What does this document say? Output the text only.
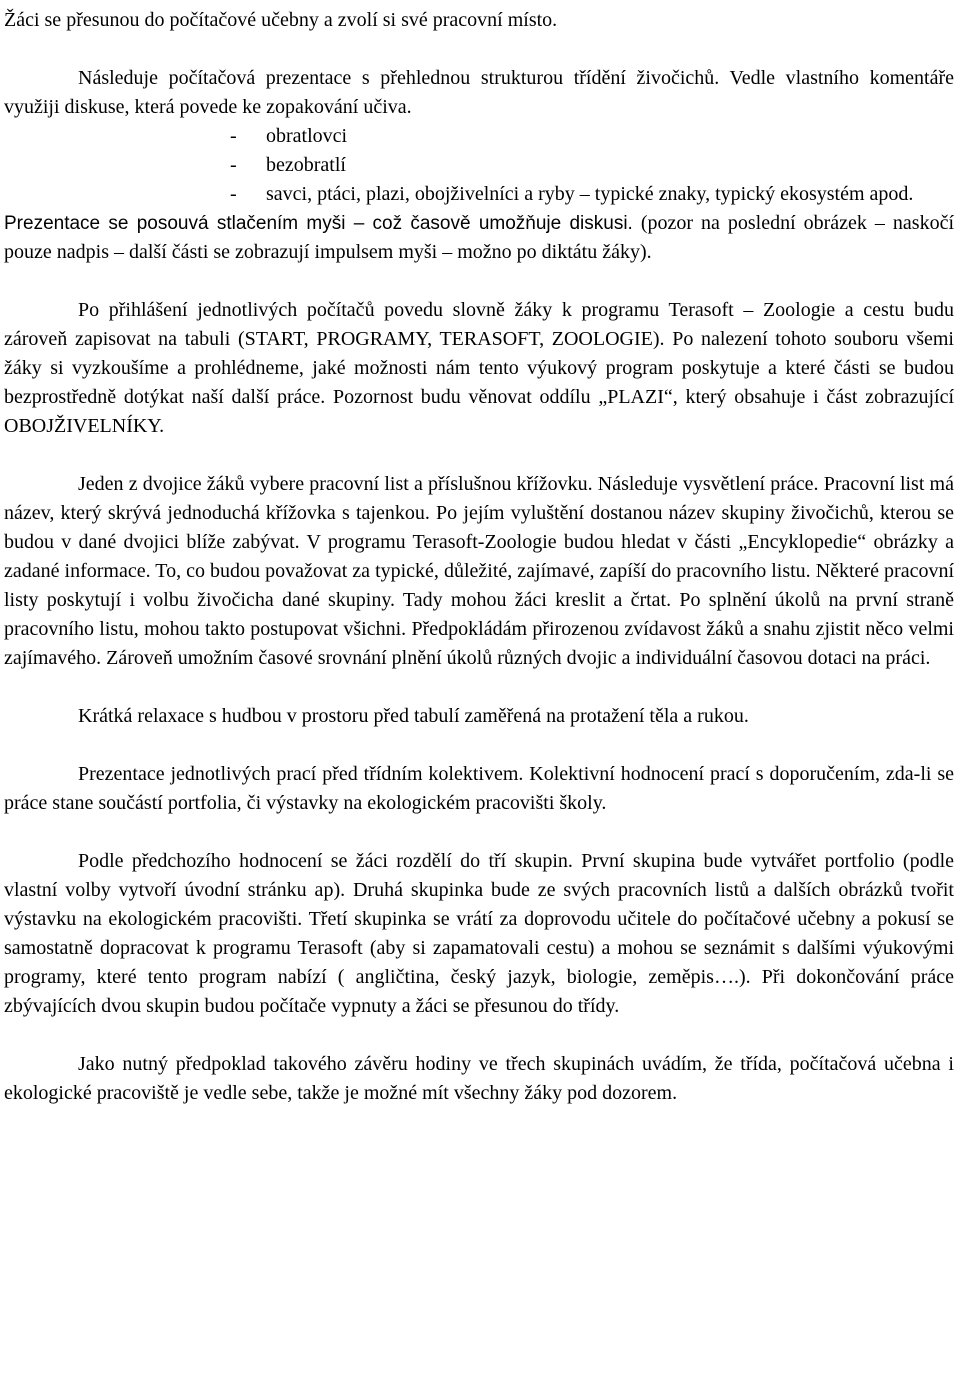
Žáci se přesunou do počítačové učebny a zvolí si své pracovní místo.

Následuje počítačová prezentace s přehlednou strukturou třídění živočichů. Vedle vlastního komentáře využiji diskuse, která povede ke zopakování učiva.

- obratlovci
- bezobratlí
- savci, ptáci, plazi, obojživelníci a ryby – typické znaky, typický ekosystém apod.

Prezentace se posouvá stlačením myši – což časově umožňuje diskusi. (pozor na poslední obrázek – naskočí pouze nadpis – další části se zobrazují impulsem myši – možno po diktátu žáky).

Po přihlášení jednotlivých počítačů povedu slovně žáky k programu Terasoft – Zoologie a cestu budu zároveň zapisovat na tabuli (START, PROGRAMY, TERASOFT, ZOOLOGIE). Po nalezení tohoto souboru všemi žáky si vyzkoušíme a prohlédneme, jaké možnosti nám tento výukový program poskytuje a které části se budou bezprostředně dotýkat naší další práce. Pozornost budu věnovat oddílu „PLAZI“, který obsahuje i část zobrazující OBOJŽIVELNÍKY.

Jeden z dvojice žáků vybere pracovní list a příslušnou křížovku. Následuje vysvětlení práce. Pracovní list má název, který skrývá jednoduchá křížovka s tajenkou. Po jejím vyluštění dostanou název skupiny živočichů, kterou se budou v dané dvojici blíže zabývat. V programu Terasoft-Zoologie budou hledat v části „Encyklopedie“ obrázky a zadané informace. To, co budou považovat za typické, důležité, zajímavé, zapíší do pracovního listu. Některé pracovní listy poskytují i volbu živočicha dané skupiny. Tady mohou žáci kreslit a črtat. Po splnění úkolů na první straně pracovního listu, mohou takto postupovat všichni. Předpokládám přirozenou zvídavost žáků a snahu zjistit něco velmi zajímavého. Zároveň umožním časové srovnání plnění úkolů různých dvojic a individuální časovou dotaci na práci.

Krátká relaxace s hudbou v prostoru před tabulí zaměřená na protažení těla a rukou.

Prezentace jednotlivých prací před třídním kolektivem. Kolektivní hodnocení prací s doporučením, zda-li se práce stane součástí portfolia, či výstavky na ekologickém pracovišti školy.

Podle předchozího hodnocení se žáci rozdělí do tří skupin. První skupina bude vytvářet portfolio (podle vlastní volby vytvoří úvodní stránku ap). Druhá skupinka bude ze svých pracovních listů a dalších obrázků tvořit výstavku na ekologickém pracovišti. Třetí skupinka se vrátí za doprovodu učitele do počítačové učebny a pokusí se samostatně dopracovat k programu Terasoft (aby si zapamatovali cestu) a mohou se seznámit s dalšími výukovými programy, které tento program nabízí ( angličtina, český jazyk, biologie, zeměpis….). Při dokončování práce zbývajících dvou skupin budou počítače vypnuty a žáci se přesunou do třídy.

Jako nutný předpoklad takového závěru hodiny ve třech skupinách uvádím, že třída, počítačová učebna i ekologické pracoviště je vedle sebe, takže je možné mít všechny žáky pod dozorem.
